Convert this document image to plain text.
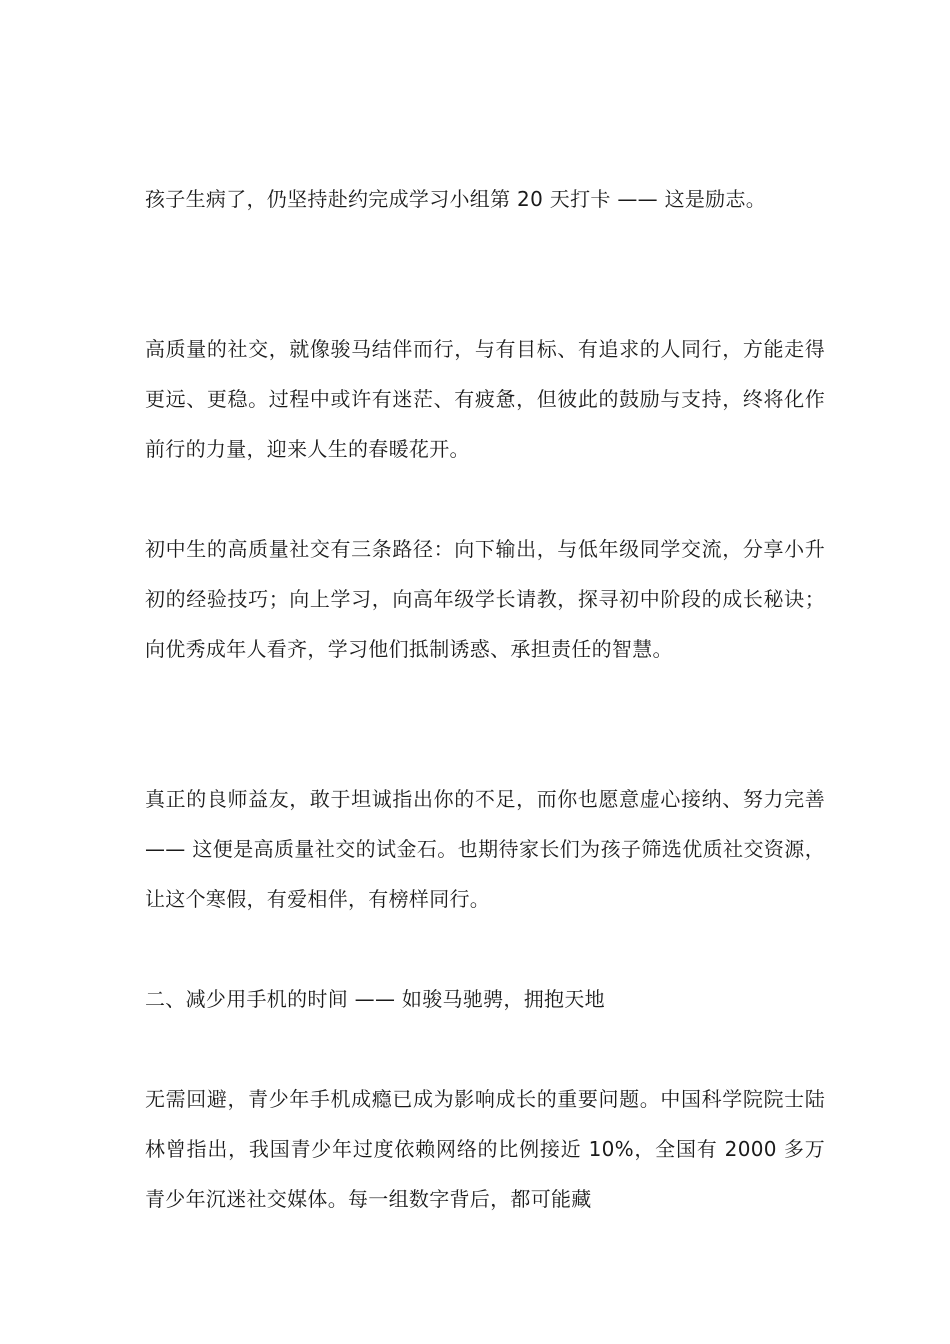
孩子生病了，仍坚持赴约完成学习小组第 20 天打卡 —— 这是励志。

高质量的社交，就像骏马结伴而行，与有目标、有追求的人同行，方能走得更远、更稳。过程中或许有迷茫、有疲惫，但彼此的鼓励与支持，终将化作前行的力量，迎来人生的春暖花开。

初中生的高质量社交有三条路径：向下输出，与低年级同学交流，分享小升初的经验技巧；向上学习，向高年级学长请教，探寻初中阶段的成长秘诀；向优秀成年人看齐，学习他们抵制诱惑、承担责任的智慧。

真正的良师益友，敢于坦诚指出你的不足，而你也愿意虚心接纳、努力完善 —— 这便是高质量社交的试金石。也期待家长们为孩子筛选优质社交资源，让这个寒假，有爱相伴，有榜样同行。

二、减少用手机的时间 —— 如骏马驰骋，拥抱天地

无需回避，青少年手机成瘾已成为影响成长的重要问题。中国科学院院士陆林曾指出，我国青少年过度依赖网络的比例接近 10%，全国有 2000 多万青少年沉迷社交媒体。每一组数字背后，都可能藏
